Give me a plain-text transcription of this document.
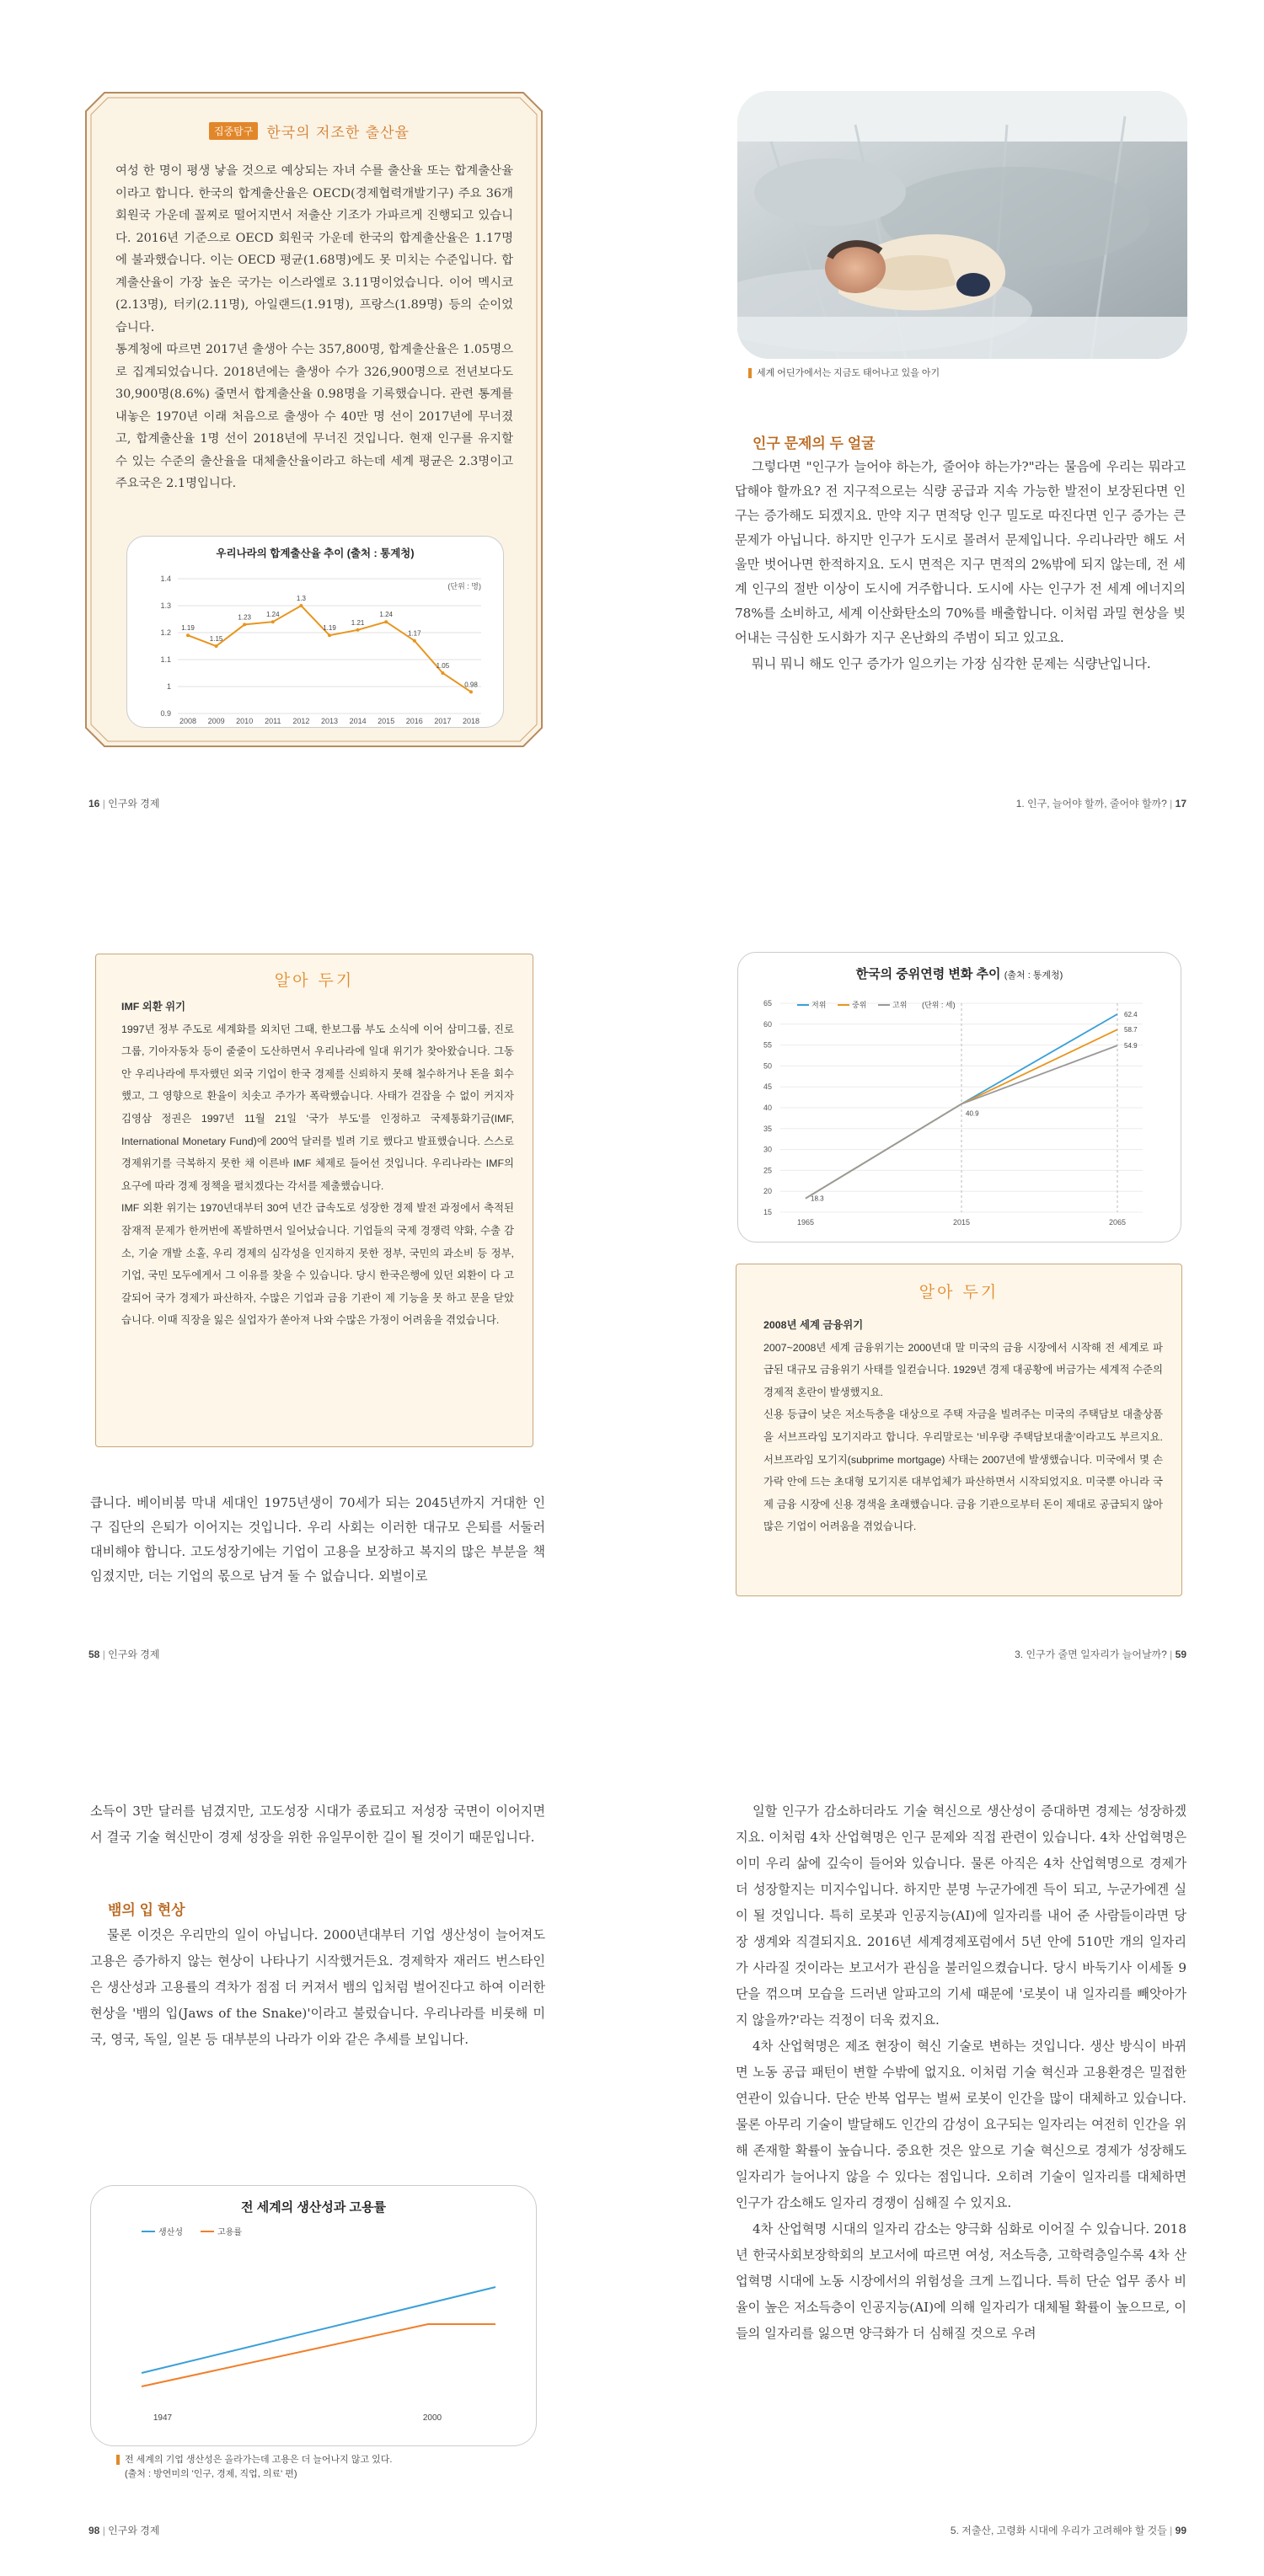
집중탐구 한국의 저조한 출산율

여성 한 명이 평생 낳을 것으로 예상되는 자녀 수를 출산율 또는 합계출산율이라고 합니다. 한국의 합계출산율은 OECD(경제협력개발기구) 주요 36개 회원국 가운데 꼴찌로 떨어지면서 저출산 기조가 가파르게 진행되고 있습니다. 2016년 기준으로 OECD 회원국 가운데 한국의 합계출산율은 1.17명에 불과했습니다. 이는 OECD 평균(1.68명)에도 못 미치는 수준입니다. 합계출산율이 가장 높은 국가는 이스라엘로 3.11명이었습니다. 이어 멕시코(2.13명), 터키(2.11명), 아일랜드(1.91명), 프랑스(1.89명) 등의 순이었습니다.

통계청에 따르면 2017년 출생아 수는 357,800명, 합계출산율은 1.05명으로 집계되었습니다. 2018년에는 출생아 수가 326,900명으로 전년보다도 30,900명(8.6%) 줄면서 합계출산율 0.98명을 기록했습니다. 관련 통계를 내놓은 1970년 이래 처음으로 출생아 수 40만 명 선이 2017년에 무너졌고, 합계출산율 1명 선이 2018년에 무너진 것입니다. 현재 인구를 유지할 수 있는 수준의 출산율을 대체출산율이라고 하는데 세계 평균은 2.3명이고 주요국은 2.1명입니다.

우리나라의 합계출산율 추이 (출처 : 통계청)
0.9
1
1.1
1.2
1.3
1.4
(단위 : 명)
2008 2009 2010 2011 2012 2013 2014 2015 2016 2017 2018
1.19
1.15
1.23 1.24
1.3
1.19
1.21
1.24
1.17
1.05
0.98
16 | 인구와 경제
세계 어딘가에서는 지금도 태어나고 있을 아기
인구 문제의 두 얼굴

그렇다면 "인구가 늘어야 하는가, 줄어야 하는가?"라는 물음에 우리는 뭐라고 답해야 할까요? 전 지구적으로는 식량 공급과 지속 가능한 발전이 보장된다면 인구는 증가해도 되겠지요. 만약 지구 면적당 인구 밀도로 따진다면 인구 증가는 큰 문제가 아닙니다. 하지만 인구가 도시로 몰려서 문제입니다. 우리나라만 해도 서울만 벗어나면 한적하지요. 도시 면적은 지구 면적의 2%밖에 되지 않는데, 전 세계 인구의 절반 이상이 도시에 거주합니다. 도시에 사는 인구가 전 세계 에너지의 78%를 소비하고, 세계 이산화탄소의 70%를 배출합니다. 이처럼 과밀 현상을 빚어내는 극심한 도시화가 지구 온난화의 주범이 되고 있고요.

뭐니 뭐니 해도 인구 증가가 일으키는 가장 심각한 문제는 식량난입니다.

1. 인구, 늘어야 할까, 줄어야 할까? | 17
알아 두기
IMF 외환 위기

1997년 정부 주도로 세계화를 외치던 그때, 한보그룹 부도 소식에 이어 삼미그룹, 진로그룹, 기아자동차 등이 줄줄이 도산하면서 우리나라에 일대 위기가 찾아왔습니다. 그동안 우리나라에 투자했던 외국 기업이 한국 경제를 신뢰하지 못해 철수하거나 돈을 회수했고, 그 영향으로 환율이 치솟고 주가가 폭락했습니다. 사태가 걷잡을 수 없이 커지자 김영삼 정권은 1997년 11월 21일 '국가 부도'를 인정하고 국제통화기금(IMF, International Monetary Fund)에 200억 달러를 빌려 기로 했다고 발표했습니다. 스스로 경제위기를 극복하지 못한 채 이른바 IMF 체제로 들어선 것입니다. 우리나라는 IMF의 요구에 따라 경제 정책을 펼치겠다는 각서를 제출했습니다.

IMF 외환 위기는 1970년대부터 30여 년간 급속도로 성장한 경제 발전 과정에서 축적된 잠재적 문제가 한꺼번에 폭발하면서 일어났습니다. 기업들의 국제 경쟁력 약화, 수출 감소, 기술 개발 소홀, 우리 경제의 심각성을 인지하지 못한 정부, 국민의 과소비 등 정부, 기업, 국민 모두에게서 그 이유를 찾을 수 있습니다. 당시 한국은행에 있던 외환이 다 고갈되어 국가 경제가 파산하자, 수많은 기업과 금융 기관이 제 기능을 못 하고 문을 닫았습니다. 이때 직장을 잃은 실업자가 쏟아져 나와 수많은 가정이 어려움을 겪었습니다.

큽니다. 베이비붐 막내 세대인 1975년생이 70세가 되는 2045년까지 거대한 인구 집단의 은퇴가 이어지는 것입니다. 우리 사회는 이러한 대규모 은퇴를 서둘러 대비해야 합니다. 고도성장기에는 기업이 고용을 보장하고 복지의 많은 부분을 책임졌지만, 더는 기업의 몫으로 남겨 둘 수 없습니다. 외벌이로
58 | 인구와 경제
한국의 중위연령 변화 추이 (출처 : 통계청)
15
20
25
30
35
40
45
50
55
60
65
1965	2015	2065
저위	중위	고위 (단위 : 세)
62.4
58.7
54.9
18.3
40.9
알아 두기
2008년 세계 금융위기

2007~2008년 세계 금융위기는 2000년대 말 미국의 금융 시장에서 시작해 전 세계로 파급된 대규모 금융위기 사태를 일컫습니다. 1929년 경제 대공황에 버금가는 세계적 수준의 경제적 혼란이 발생했지요.

신용 등급이 낮은 저소득층을 대상으로 주택 자금을 빌려주는 미국의 주택담보 대출상품을 서브프라임 모기지라고 합니다. 우리말로는 '비우량 주택담보대출'이라고도 부르지요. 서브프라임 모기지(subprime mortgage) 사태는 2007년에 발생했습니다. 미국에서 몇 손가락 안에 드는 초대형 모기지론 대부업체가 파산하면서 시작되었지요. 미국뿐 아니라 국제 금융 시장에 신용 경색을 초래했습니다. 금융 기관으로부터 돈이 제대로 공급되지 않아 많은 기업이 어려움을 겪었습니다.

3. 인구가 줄면 일자리가 늘어날까? | 59
소득이 3만 달러를 넘겼지만, 고도성장 시대가 종료되고 저성장 국면이 이어지면서 결국 기술 혁신만이 경제 성장을 위한 유일무이한 길이 될 것이기 때문입니다.
뱀의 입 현상
물론 이것은 우리만의 일이 아닙니다. 2000년대부터 기업 생산성이 늘어져도 고용은 증가하지 않는 현상이 나타나기 시작했거든요. 경제학자 재러드 번스타인은 생산성과 고용률의 격차가 점점 더 커져서 뱀의 입처럼 벌어진다고 하여 이러한 현상을 '뱀의 입(Jaws of the Snake)'이라고 불렀습니다. 우리나라를 비롯해 미국, 영국, 독일, 일본 등 대부분의 나라가 이와 같은 추세를 보입니다.
전 세계의 생산성과 고용률
생산성	고용률
1947	2000
전 세계의 기업 생산성은 올라가는데 고용은 더 늘어나지 않고 있다.
(출처 : 방연미의 '인구, 경제, 직업, 의료' 편)
98 | 인구와 경제

일할 인구가 감소하더라도 기술 혁신으로 생산성이 증대하면 경제는 성장하겠지요. 이처럼 4차 산업혁명은 인구 문제와 직접 관련이 있습니다. 4차 산업혁명은 이미 우리 삶에 깊숙이 들어와 있습니다. 물론 아직은 4차 산업혁명으로 경제가 더 성장할지는 미지수입니다. 하지만 분명 누군가에겐 득이 되고, 누군가에겐 실이 될 것입니다. 특히 로봇과 인공지능(AI)에 일자리를 내어 준 사람들이라면 당장 생계와 직결되지요. 2016년 세계경제포럼에서 5년 안에 510만 개의 일자리가 사라질 것이라는 보고서가 관심을 불러일으켰습니다. 당시 바둑기사 이세돌 9단을 꺾으며 모습을 드러낸 알파고의 기세 때문에 '로봇이 내 일자리를 빼앗아가지 않을까?'라는 걱정이 더욱 컸지요.

4차 산업혁명은 제조 현장이 혁신 기술로 변하는 것입니다. 생산 방식이 바뀌면 노동 공급 패턴이 변할 수밖에 없지요. 이처럼 기술 혁신과 고용환경은 밀접한 연관이 있습니다. 단순 반복 업무는 벌써 로봇이 인간을 많이 대체하고 있습니다. 물론 아무리 기술이 발달해도 인간의 감성이 요구되는 일자리는 여전히 인간을 위해 존재할 확률이 높습니다. 중요한 것은 앞으로 기술 혁신으로 경제가 성장해도 일자리가 늘어나지 않을 수 있다는 점입니다. 오히려 기술이 일자리를 대체하면 인구가 감소해도 일자리 경쟁이 심해질 수 있지요.

4차 산업혁명 시대의 일자리 감소는 양극화 심화로 이어질 수 있습니다. 2018년 한국사회보장학회의 보고서에 따르면 여성, 저소득층, 고학력층일수록 4차 산업혁명 시대에 노동 시장에서의 위험성을 크게 느낍니다. 특히 단순 업무 종사 비율이 높은 저소득층이 인공지능(AI)에 의해 일자리가 대체될 확률이 높으므로, 이들의 일자리를 잃으면 양극화가 더 심해질 것으로 우려

5. 저출산, 고령화 시대에 우리가 고려해야 할 것들 | 99
